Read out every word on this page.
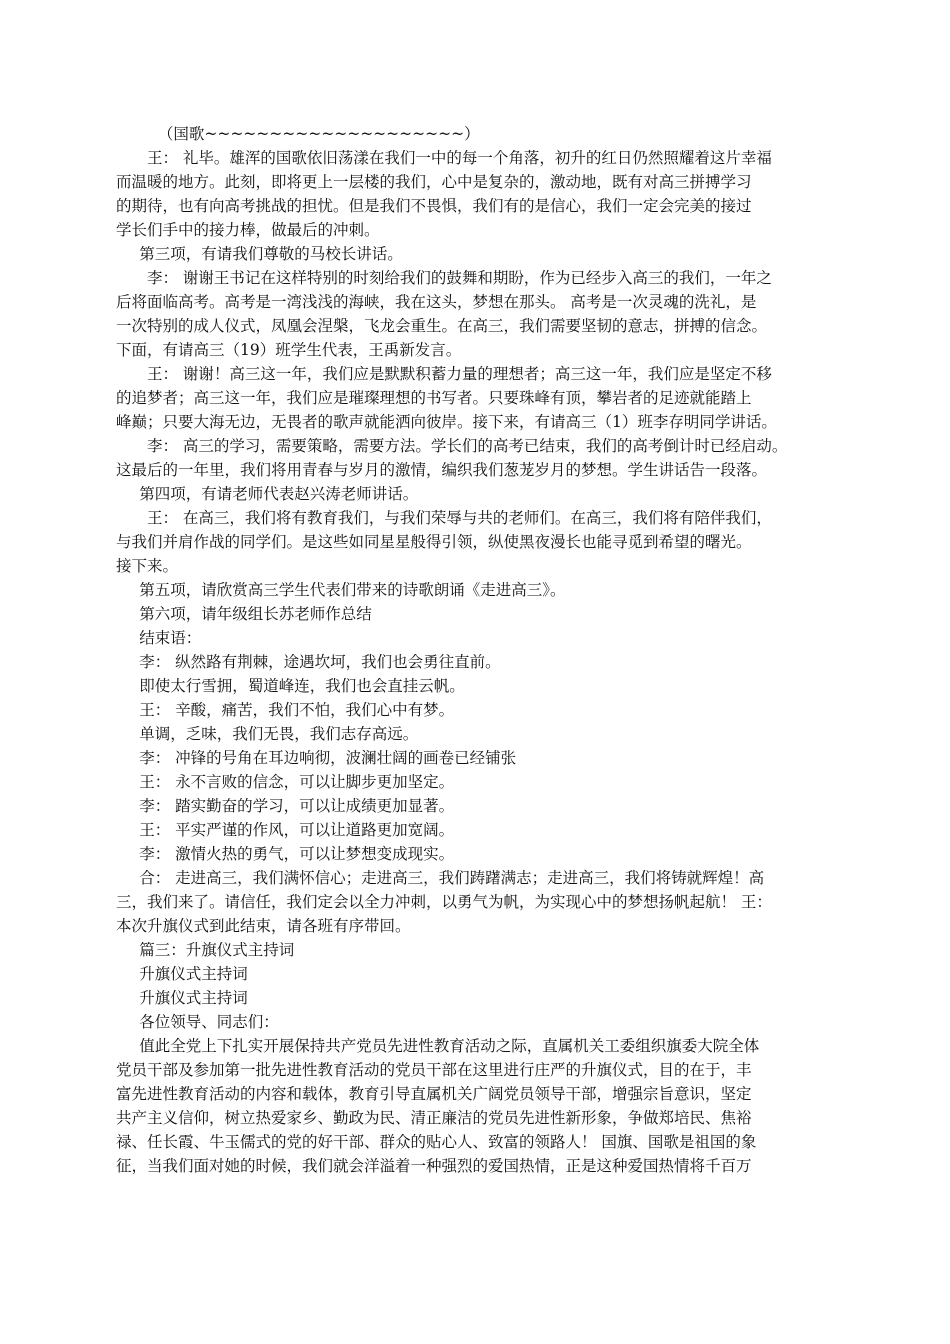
（国歌~~~~~~~~~~~~~~~~~~~~）

王： 礼毕。雄浑的国歌依旧荡漾在我们一中的每一个角落，初升的红日仍然照耀着这片幸福
而温暖的地方。此刻，即将更上一层楼的我们，心中是复杂的，激动地，既有对高三拼搏学习
的期待，也有向高考挑战的担忧。但是我们不畏惧，我们有的是信心，我们一定会完美的接过
学长们手中的接力棒，做最后的冲刺。

第三项，有请我们尊敬的马校长讲话。

李： 谢谢王书记在这样特别的时刻给我们的鼓舞和期盼，作为已经步入高三的我们，一年之
后将面临高考。高考是一湾浅浅的海峡，我在这头，梦想在那头。 高考是一次灵魂的洗礼，是
一次特别的成人仪式，凤凰会涅槃，飞龙会重生。在高三，我们需要坚韧的意志，拼搏的信念。
下面，有请高三（19）班学生代表，王禹新发言。

王： 谢谢！高三这一年，我们应是默默积蓄力量的理想者；高三这一年，我们应是坚定不移
的追梦者；高三这一年，我们应是璀璨理想的书写者。只要珠峰有顶，攀岩者的足迹就能踏上
峰巅；只要大海无边，无畏者的歌声就能洒向彼岸。接下来，有请高三（1）班李存明同学讲话。

李： 高三的学习，需要策略，需要方法。学长们的高考已结束，我们的高考倒计时已经启动。
这最后的一年里，我们将用青春与岁月的激情，编织我们葱茏岁月的梦想。学生讲话告一段落。

第四项，有请老师代表赵兴涛老师讲话。

王： 在高三，我们将有教育我们，与我们荣辱与共的老师们。在高三，我们将有陪伴我们，
与我们并肩作战的同学们。是这些如同星星般得引领，纵使黑夜漫长也能寻觅到希望的曙光。
接下来。

第五项，请欣赏高三学生代表们带来的诗歌朗诵《走进高三》。

第六项，请年级组长苏老师作总结

结束语：

李： 纵然路有荆棘，途遇坎坷，我们也会勇往直前。

即使太行雪拥，蜀道峰连，我们也会直挂云帆。

王： 辛酸，痛苦，我们不怕，我们心中有梦。

单调，乏味，我们无畏，我们志存高远。

李： 冲锋的号角在耳边响彻，波澜壮阔的画卷已经铺张

王： 永不言败的信念，可以让脚步更加坚定。

李： 踏实勤奋的学习，可以让成绩更加显著。

王： 平实严谨的作风，可以让道路更加宽阔。

李： 激情火热的勇气，可以让梦想变成现实。

合： 走进高三，我们满怀信心；走进高三，我们踌躇满志；走进高三，我们将铸就辉煌！高
三，我们来了。请信任，我们定会以全力冲刺，以勇气为帆，为实现心中的梦想扬帆起航！ 王：
本次升旗仪式到此结束，请各班有序带回。

篇三：升旗仪式主持词

升旗仪式主持词

升旗仪式主持词

各位领导、同志们：

值此全党上下扎实开展保持共产党员先进性教育活动之际，直属机关工委组织旗委大院全体
党员干部及参加第一批先进性教育活动的党员干部在这里进行庄严的升旗仪式，目的在于，丰
富先进性教育活动的内容和载体，教育引导直属机关广阔党员领导干部，增强宗旨意识，坚定
共产主义信仰，树立热爱家乡、勤政为民、清正廉洁的党员先进性新形象，争做郑培民、焦裕
禄、任长霞、牛玉儒式的党的好干部、群众的贴心人、致富的领路人！ 国旗、国歌是祖国的象
征，当我们面对她的时候，我们就会洋溢着一种强烈的爱国热情，正是这种爱国热情将千百万
